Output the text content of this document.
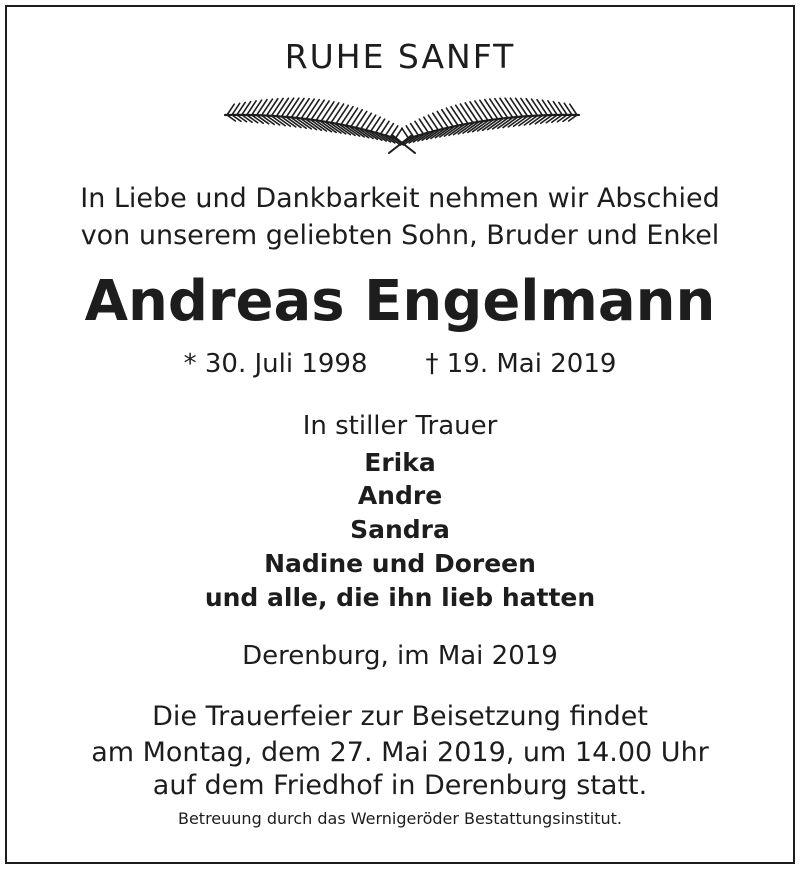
RUHE SANFT
In Liebe und Dankbarkeit nehmen wir Abschied
von unserem geliebten Sohn, Bruder und Enkel
Andreas Engelmann
* 30. Juli 1998 † 19. Mai 2019
In stiller Trauer
Erika
Andre
Sandra
Nadine und Doreen
und alle, die ihn lieb hatten
Derenburg, im Mai 2019
Die Trauerfeier zur Beisetzung findet
am Montag, dem 27. Mai 2019, um 14.00 Uhr
auf dem Friedhof in Derenburg statt.
Betreuung durch das Wernigeröder Bestattungsinstitut.
